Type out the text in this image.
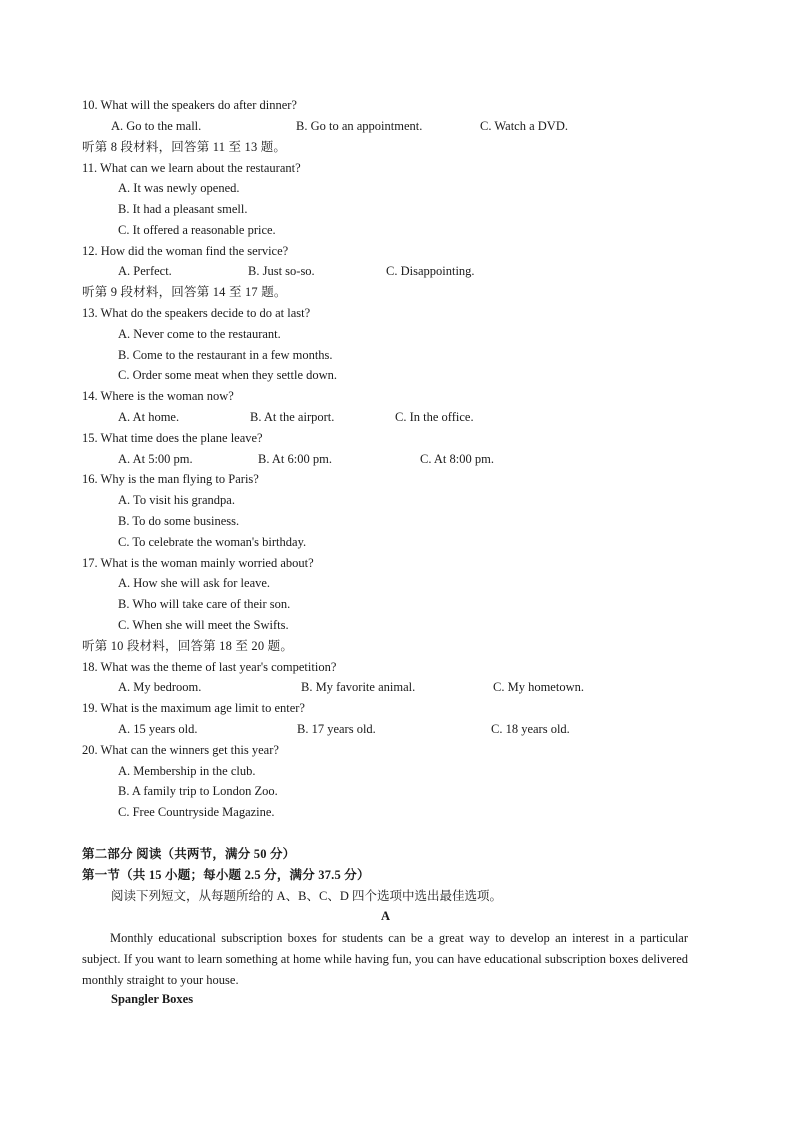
10. What will the speakers do after dinner?
A. Go to the mall.	B. Go to an appointment.	C. Watch a DVD.
听第 8 段材料，回答第 11 至 13 题。
11. What can we learn about the restaurant?
A. It was newly opened.
B. It had a pleasant smell.
C. It offered a reasonable price.
12. How did the woman find the service?
A. Perfect.	B. Just so-so.	C. Disappointing.
听第 9 段材料，回答第 14 至 17 题。
13. What do the speakers decide to do at last?
A. Never come to the restaurant.
B. Come to the restaurant in a few months.
C. Order some meat when they settle down.
14. Where is the woman now?
A. At home.	B. At the airport.	C. In the office.
15. What time does the plane leave?
A. At 5:00 pm.	B. At 6:00 pm.	C. At 8:00 pm.
16. Why is the man flying to Paris?
A. To visit his grandpa.
B. To do some business.
C. To celebrate the woman's birthday.
17. What is the woman mainly worried about?
A. How she will ask for leave.
B. Who will take care of their son.
C. When she will meet the Swifts.
听第 10 段材料，回答第 18 至 20 题。
18. What was the theme of last year's competition?
A. My bedroom.	B. My favorite animal.	C. My hometown.
19. What is the maximum age limit to enter?
A. 15 years old.	B. 17 years old.	C. 18 years old.
20. What can the winners get this year?
A. Membership in the club.
B. A family trip to London Zoo.
C. Free Countryside Magazine.
第二部分 阅读（共两节，满分 50 分）
第一节（共 15 小题；每小题 2.5 分，满分 37.5 分）
阅读下列短文，从每题所给的 A、B、C、D 四个选项中选出最佳选项。
A
Monthly educational subscription boxes for students can be a great way to develop an interest in a particular subject. If you want to learn something at home while having fun, you can have educational subscription boxes delivered monthly straight to your house.
Spangler Boxes
